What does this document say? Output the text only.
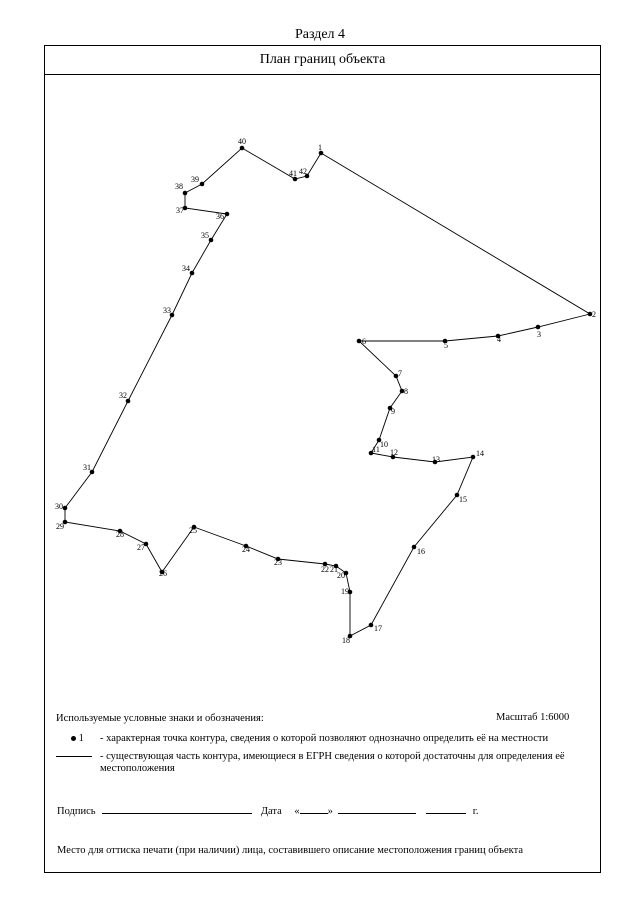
Раздел 4
План границ объекта
1
2
3
4
5
6
7
8
9
10
11 12
13
14
15
16
17
18
19
20
21
22
23
24
25
26
27
28
29
30
31
32
33
34
35
36
37
38
39
40
41 42
Используемые условные знаки и обозначения:	Масштаб 1:6000
1	- характерная точка контура, сведения о которой позволяют однозначно определить её на местности
- существующая часть контура, имеющиеся в ЕГРН сведения о которой достаточны для определения её местоположения
Подпись	Дата «	»	г.
Место для оттиска печати (при наличии) лица, составившего описание местоположения границ объекта
